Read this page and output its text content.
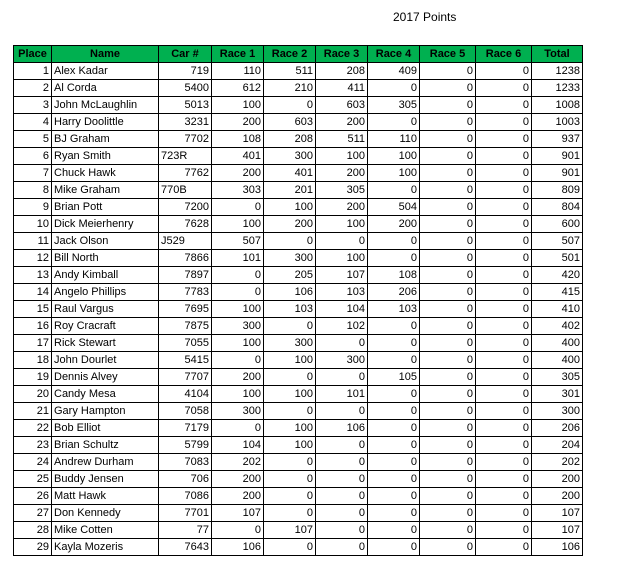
2017 Points
Place	Name	Car #	Race 1	Race 2	Race 3	Race 4	Race 5	Race 6	Total
1	Alex Kadar	719	110	511	208	409	0	0	1238
2	Al Corda	5400	612	210	411	0	0	0	1233
3	John McLaughlin	5013	100	0	603	305	0	0	1008
4	Harry Doolittle	3231	200	603	200	0	0	0	1003
5	BJ Graham	7702	108	208	511	110	0	0	937
6	Ryan Smith	723R	401	300	100	100	0	0	901
7	Chuck Hawk	7762	200	401	200	100	0	0	901
8	Mike Graham	770B	303	201	305	0	0	0	809
9	Brian Pott	7200	0	100	200	504	0	0	804
10	Dick Meierhenry	7628	100	200	100	200	0	0	600
11	Jack Olson	J529	507	0	0	0	0	0	507
12	Bill North	7866	101	300	100	0	0	0	501
13	Andy Kimball	7897	0	205	107	108	0	0	420
14	Angelo Phillips	7783	0	106	103	206	0	0	415
15	Raul Vargus	7695	100	103	104	103	0	0	410
16	Roy Cracraft	7875	300	0	102	0	0	0	402
17	Rick Stewart	7055	100	300	0	0	0	0	400
18	John Dourlet	5415	0	100	300	0	0	0	400
19	Dennis Alvey	7707	200	0	0	105	0	0	305
20	Candy Mesa	4104	100	100	101	0	0	0	301
21	Gary Hampton	7058	300	0	0	0	0	0	300
22	Bob Elliot	7179	0	100	106	0	0	0	206
23	Brian Schultz	5799	104	100	0	0	0	0	204
24	Andrew Durham	7083	202	0	0	0	0	0	202
25	Buddy Jensen	706	200	0	0	0	0	0	200
26	Matt Hawk	7086	200	0	0	0	0	0	200
27	Don Kennedy	7701	107	0	0	0	0	0	107
28	Mike Cotten	77	0	107	0	0	0	0	107
29	Kayla Mozeris	7643	106	0	0	0	0	0	106
